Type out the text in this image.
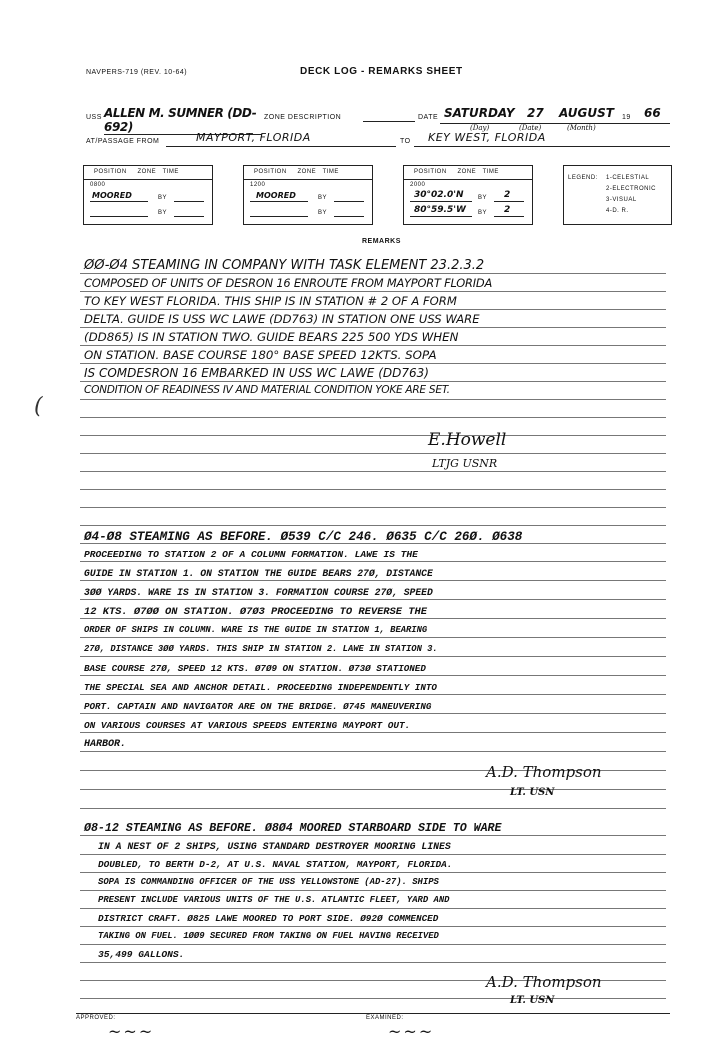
NAVPERS-719 (REV. 10-64)	DECK LOG - REMARKS SHEET
USS ALLEN M. SUMNER (DD-692)
ZONE DESCRIPTION	DATE SATURDAY 27 AUGUST 19 66
(Day)	(Date)	(Month)
AT/PASSAGE FROM	MAYPORT, FLORIDA	TO KEY WEST, FLORIDA
POSITION     ZONE   TIME
0800
MOORED	BY
BY
POSITION     ZONE   TIME
1200
MOORED	BY
BY
POSITION     ZONE   TIME
2000
30°02.0'N BY 2
80°59.5'W BY 2
LEGEND: 1-CELESTIAL
2-ELECTRONIC
3-VISUAL
4-D. R.
REMARKS
(
ØØ-Ø4 STEAMING IN COMPANY WITH TASK ELEMENT 23.2.3.2
COMPOSED OF UNITS OF DESRON 16 ENROUTE FROM MAYPORT FLORIDA
TO KEY WEST FLORIDA. THIS SHIP IS IN STATION # 2 OF A FORM
DELTA. GUIDE IS USS WC LAWE (DD763) IN STATION ONE USS WARE
(DD865) IS IN STATION TWO. GUIDE BEARS 225 500 YDS WHEN
ON STATION. BASE COURSE 180° BASE SPEED 12KTS. SOPA
IS COMDESRON 16 EMBARKED IN USS WC LAWE (DD763)
CONDITION OF READINESS IV AND MATERIAL CONDITION YOKE ARE SET.
E.Howell
LTJG USNR
Ø4-Ø8 STEAMING AS BEFORE. Ø539 C/C 246. Ø635 C/C 26Ø. Ø638
PROCEEDING TO STATION 2 OF A COLUMN FORMATION. LAWE IS THE
GUIDE IN STATION 1. ON STATION THE GUIDE BEARS 27Ø, DISTANCE
3ØØ YARDS. WARE IS IN STATION 3. FORMATION COURSE 27Ø, SPEED
12 KTS. Ø7ØØ ON STATION. Ø7Ø3 PROCEEDING TO REVERSE THE
ORDER OF SHIPS IN COLUMN. WARE IS THE GUIDE IN STATION 1, BEARING
27Ø, DISTANCE 3ØØ YARDS. THIS SHIP IN STATION 2. LAWE IN STATION 3.
BASE COURSE 27Ø, SPEED 12 KTS. Ø7Ø9 ON STATION. Ø73Ø STATIONED
THE SPECIAL SEA AND ANCHOR DETAIL. PROCEEDING INDEPENDENTLY INTO
PORT. CAPTAIN AND NAVIGATOR ARE ON THE BRIDGE. Ø745 MANEUVERING
ON VARIOUS COURSES AT VARIOUS SPEEDS ENTERING MAYPORT OUT.
HARBOR.
A.D. Thompson
LT. USN
Ø8-12 STEAMING AS BEFORE. Ø8Ø4 MOORED STARBOARD SIDE TO WARE
IN A NEST OF 2 SHIPS, USING STANDARD DESTROYER MOORING LINES
DOUBLED, TO BERTH D-2, AT U.S. NAVAL STATION, MAYPORT, FLORIDA.
SOPA IS COMMANDING OFFICER OF THE USS YELLOWSTONE (AD-27). SHIPS
PRESENT INCLUDE VARIOUS UNITS OF THE U.S. ATLANTIC FLEET, YARD AND
DISTRICT CRAFT. Ø825 LAWE MOORED TO PORT SIDE. Ø92Ø COMMENCED
TAKING ON FUEL. 1ØØ9 SECURED FROM TAKING ON FUEL HAVING RECEIVED
35,499 GALLONS.
A.D. Thompson
LT. USN
APPROVED:	EXAMINED:
~~~	~~~
